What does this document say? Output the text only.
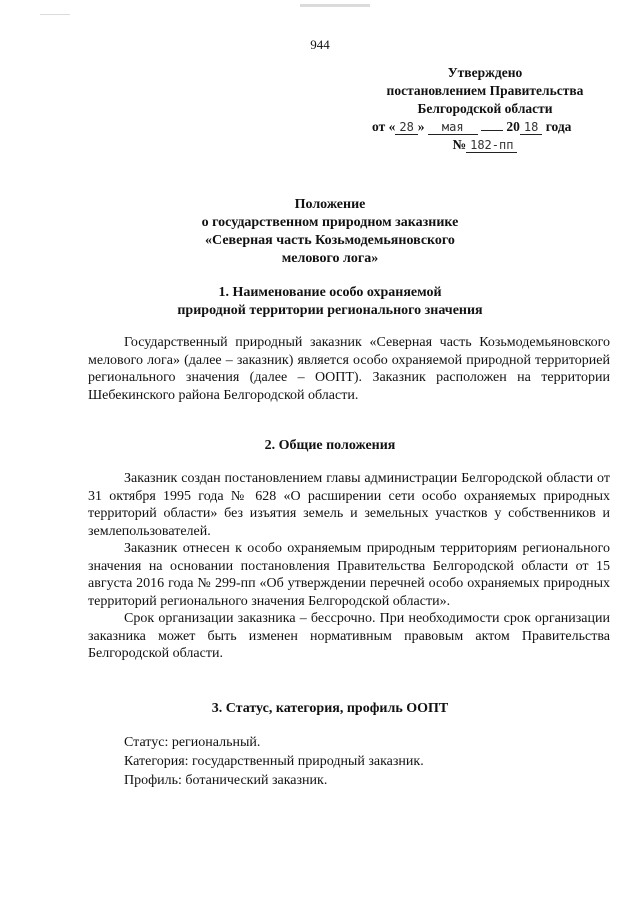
944
Утверждено
постановлением Правительства
Белгородской области
от « 28 » мая	20 18 года
№ 182-пп
Положение
о государственном природном заказнике
«Северная часть Козьмодемьяновского
мелового лога»
1. Наименование особо охраняемой
природной территории регионального значения

Государственный природный заказник «Северная часть Козьмодемьяновского мелового лога» (далее – заказник) является особо охраняемой природной территорией регионального значения (далее – ООПТ). Заказник расположен на территории Шебекинского района Белгородской области.

2. Общие положения

Заказник создан постановлением главы администрации Белгородской области от 31 октября 1995 года № 628 «О расширении сети особо охраняемых природных территорий области» без изъятия земель и земельных участков у собственников и землепользователей.

Заказник отнесен к особо охраняемым природным территориям регионального значения на основании постановления Правительства Белгородской области от 15 августа 2016 года № 299-пп «Об утверждении перечней особо охраняемых природных территорий регионального значения Белгородской области».

Срок организации заказника – бессрочно. При необходимости срок организации заказника может быть изменен нормативным правовым актом Правительства Белгородской области.

3. Статус, категория, профиль ООПТ
Статус: региональный.
Категория: государственный природный заказник.
Профиль: ботанический заказник.
